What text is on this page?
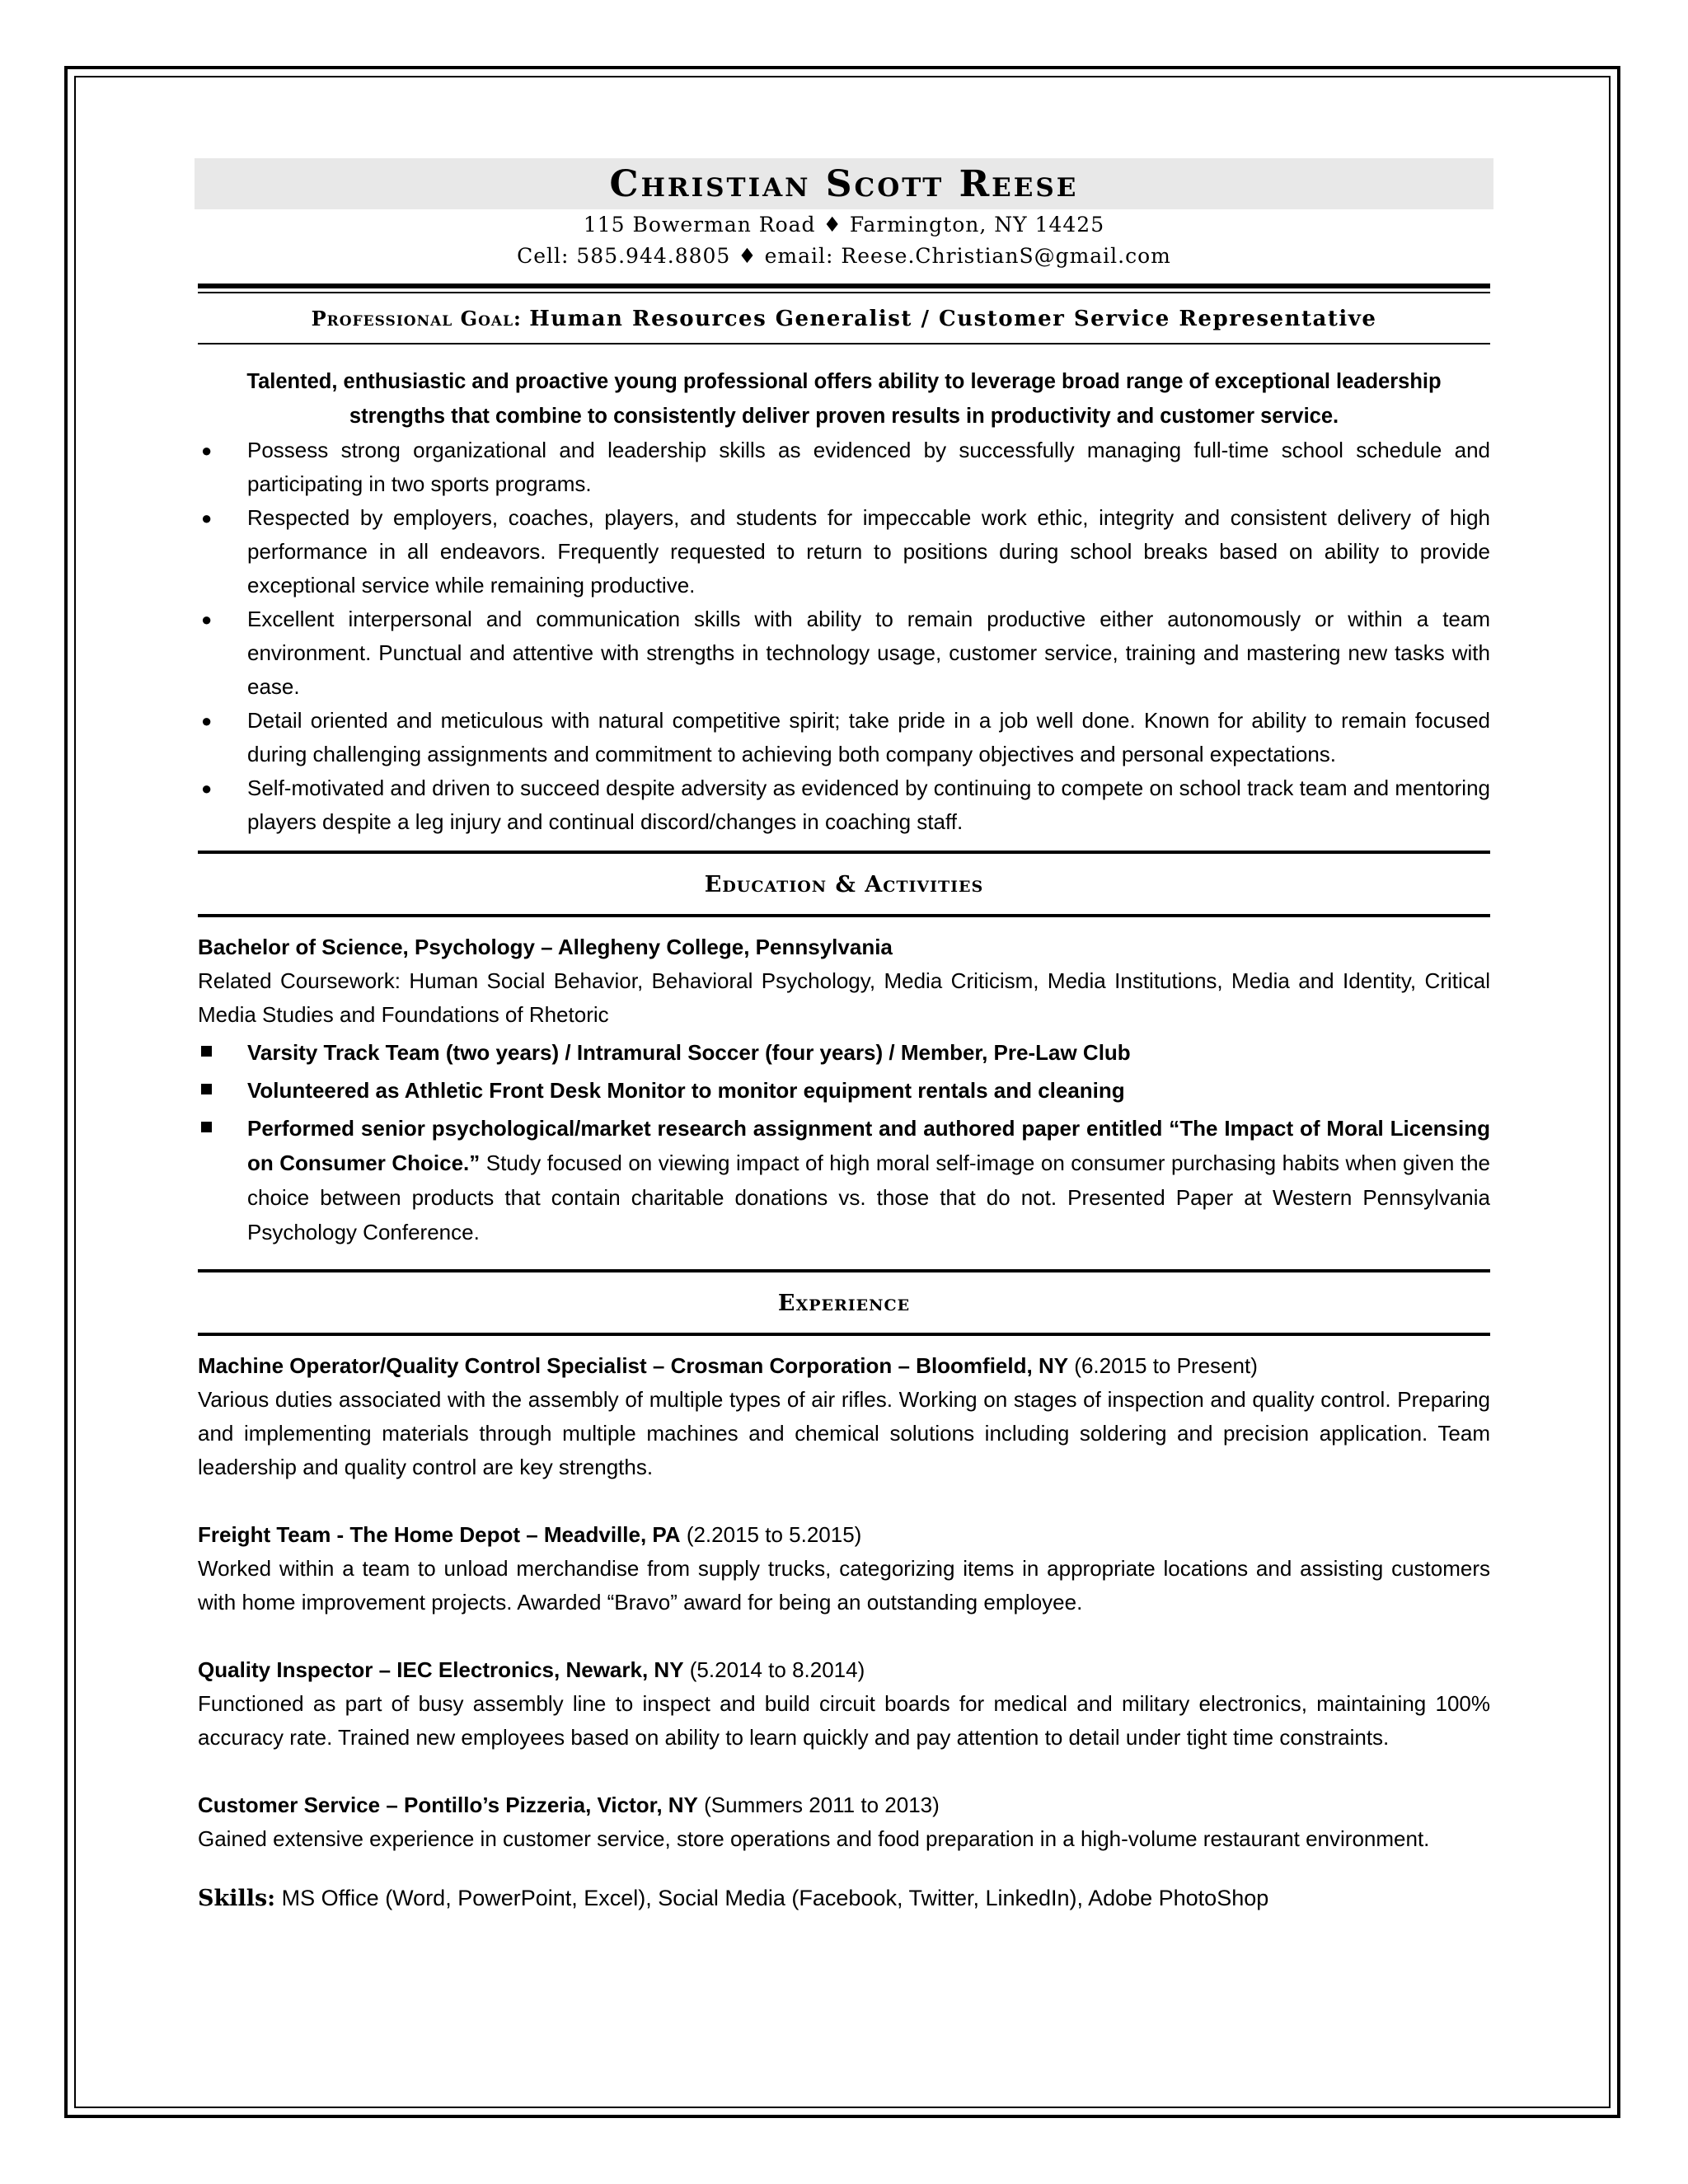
Christian Scott Reese
115 Bowerman Road ♦ Farmington, NY 14425
Cell: 585.944.8805 ♦ email: Reese.ChristianS@gmail.com
Professional Goal: Human Resources Generalist / Customer Service Representative
Talented, enthusiastic and proactive young professional offers ability to leverage broad range of exceptional leadership strengths that combine to consistently deliver proven results in productivity and customer service.
● Possess strong organizational and leadership skills as evidenced by successfully managing full-time school schedule and participating in two sports programs.
● Respected by employers, coaches, players, and students for impeccable work ethic, integrity and consistent delivery of high performance in all endeavors. Frequently requested to return to positions during school breaks based on ability to provide exceptional service while remaining productive.
● Excellent interpersonal and communication skills with ability to remain productive either autonomously or within a team environment. Punctual and attentive with strengths in technology usage, customer service, training and mastering new tasks with ease.
● Detail oriented and meticulous with natural competitive spirit; take pride in a job well done. Known for ability to remain focused during challenging assignments and commitment to achieving both company objectives and personal expectations.
● Self-motivated and driven to succeed despite adversity as evidenced by continuing to compete on school track team and mentoring players despite a leg injury and continual discord/changes in coaching staff.
Education & Activities
Bachelor of Science, Psychology – Allegheny College, Pennsylvania
Related Coursework: Human Social Behavior, Behavioral Psychology, Media Criticism, Media Institutions, Media and Identity, Critical Media Studies and Foundations of Rhetoric
Varsity Track Team (two years) / Intramural Soccer (four years) / Member, Pre-Law Club
Volunteered as Athletic Front Desk Monitor to monitor equipment rentals and cleaning
Performed senior psychological/market research assignment and authored paper entitled “The Impact of Moral Licensing on Consumer Choice.” Study focused on viewing impact of high moral self-image on consumer purchasing habits when given the choice between products that contain charitable donations vs. those that do not. Presented Paper at Western Pennsylvania Psychology Conference.
Experience
Machine Operator/Quality Control Specialist – Crosman Corporation – Bloomfield, NY (6.2015 to Present)
Various duties associated with the assembly of multiple types of air rifles. Working on stages of inspection and quality control. Preparing and implementing materials through multiple machines and chemical solutions including soldering and precision application. Team leadership and quality control are key strengths.
Freight Team - The Home Depot – Meadville, PA (2.2015 to 5.2015)
Worked within a team to unload merchandise from supply trucks, categorizing items in appropriate locations and assisting customers with home improvement projects. Awarded “Bravo” award for being an outstanding employee.
Quality Inspector – IEC Electronics, Newark, NY (5.2014 to 8.2014)
Functioned as part of busy assembly line to inspect and build circuit boards for medical and military electronics, maintaining 100% accuracy rate. Trained new employees based on ability to learn quickly and pay attention to detail under tight time constraints.
Customer Service – Pontillo’s Pizzeria, Victor, NY (Summers 2011 to 2013)
Gained extensive experience in customer service, store operations and food preparation in a high-volume restaurant environment.
Skills: MS Office (Word, PowerPoint, Excel), Social Media (Facebook, Twitter, LinkedIn), Adobe PhotoShop
